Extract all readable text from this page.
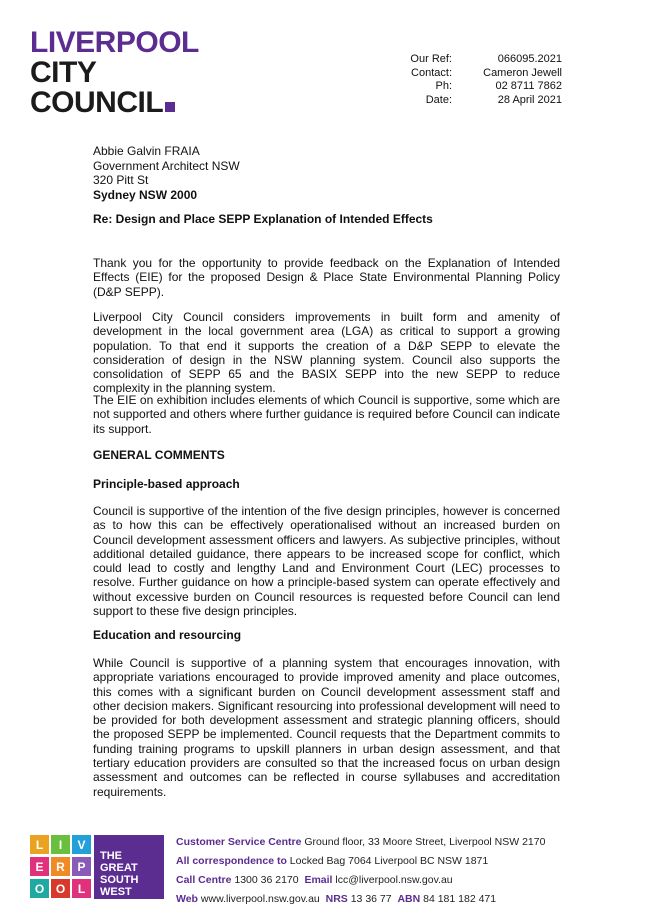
LIVERPOOL
CITY
COUNCIL
Our Ref:	066095.2021
Contact:	Cameron Jewell
Ph:	02 8711 7862
Date:	28 April 2021
Abbie Galvin FRAIA
Government Architect NSW
320 Pitt St
Sydney NSW 2000
Re: Design and Place SEPP Explanation of Intended Effects

Thank you for the opportunity to provide feedback on the Explanation of Intended Effects (EIE) for the proposed Design & Place State Environmental Planning Policy (D&P SEPP).

Liverpool City Council considers improvements in built form and amenity of development in the local government area (LGA) as critical to support a growing population. To that end it supports the creation of a D&P SEPP to elevate the consideration of design in the NSW planning system. Council also supports the consolidation of SEPP 65 and the BASIX SEPP into the new SEPP to reduce complexity in the planning system.

The EIE on exhibition includes elements of which Council is supportive, some which are not supported and others where further guidance is required before Council can indicate its support.

GENERAL COMMENTS
Principle-based approach

Council is supportive of the intention of the five design principles, however is concerned as to how this can be effectively operationalised without an increased burden on Council development assessment officers and lawyers. As subjective principles, without additional detailed guidance, there appears to be increased scope for conflict, which could lead to costly and lengthy Land and Environment Court (LEC) processes to resolve. Further guidance on how a principle-based system can operate effectively and without excessive burden on Council resources is requested before Council can lend support to these five design principles.

Education and resourcing

While Council is supportive of a planning system that encourages innovation, with appropriate variations encouraged to provide improved amenity and place outcomes, this comes with a significant burden on Council development assessment staff and other decision makers. Significant resourcing into professional development will need to be provided for both development assessment and strategic planning officers, should the proposed SEPP be implemented. Council requests that the Department commits to funding training programs to upskill planners in urban design assessment, and that tertiary education providers are consulted so that the increased focus on urban design assessment and outcomes can be reflected in course syllabuses and accreditation requirements.

L I V
E R P
O O L
THE
GREAT
SOUTH
WEST
Customer Service Centre Ground floor, 33 Moore Street, Liverpool NSW 2170
All correspondence to Locked Bag 7064 Liverpool BC NSW 1871
Call Centre 1300 36 2170 Email lcc@liverpool.nsw.gov.au
Web www.liverpool.nsw.gov.au NRS 13 36 77 ABN 84 181 182 471
